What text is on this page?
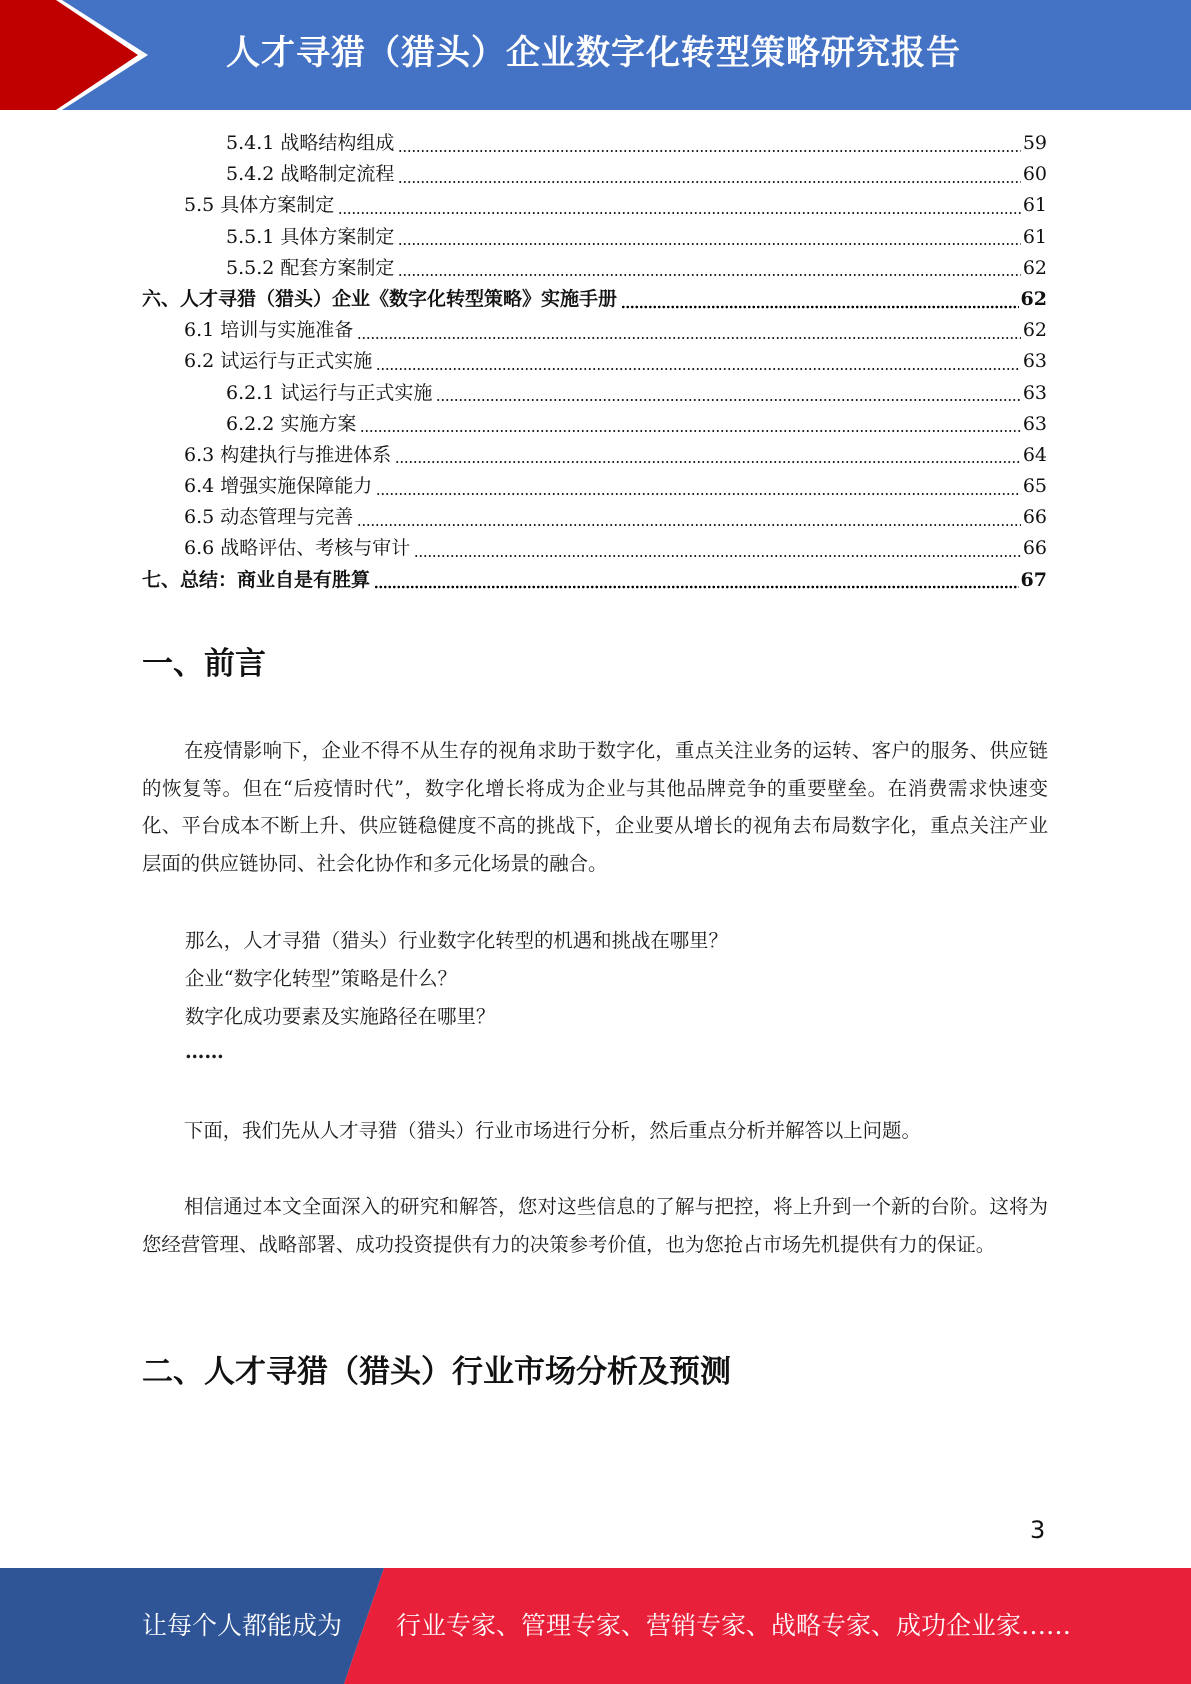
人才寻猎（猎头）企业数字化转型策略研究报告
5.4.1 战略结构组成	59
5.4.2 战略制定流程	60
5.5 具体方案制定	61
5.5.1 具体方案制定	61
5.5.2 配套方案制定	62
六、人才寻猎（猎头）企业《数字化转型策略》实施手册	62
6.1 培训与实施准备	62
6.2 试运行与正式实施	63
6.2.1 试运行与正式实施	63
6.2.2 实施方案	63
6.3 构建执行与推进体系	64
6.4 增强实施保障能力	65
6.5 动态管理与完善	66
6.6 战略评估、考核与审计	66
七、总结：商业自是有胜算	67
一、前言

在疫情影响下，企业不得不从生存的视角求助于数字化，重点关注业务的运转、客户的服务、供应链的恢复等。但在“后疫情时代”，数字化增长将成为企业与其他品牌竞争的重要壁垒。在消费需求快速变化、平台成本不断上升、供应链稳健度不高的挑战下，企业要从增长的视角去布局数字化，重点关注产业层面的供应链协同、社会化协作和多元化场景的融合。

那么，人才寻猎（猎头）行业数字化转型的机遇和挑战在哪里？

企业“数字化转型”策略是什么？

数字化成功要素及实施路径在哪里？

……

下面，我们先从人才寻猎（猎头）行业市场进行分析，然后重点分析并解答以上问题。

相信通过本文全面深入的研究和解答，您对这些信息的了解与把控，将上升到一个新的台阶。这将为您经营管理、战略部署、成功投资提供有力的决策参考价值，也为您抢占市场先机提供有力的保证。

二、人才寻猎（猎头）行业市场分析及预测
3
让每个人都能成为 行业专家、管理专家、营销专家、战略专家、成功企业家……
